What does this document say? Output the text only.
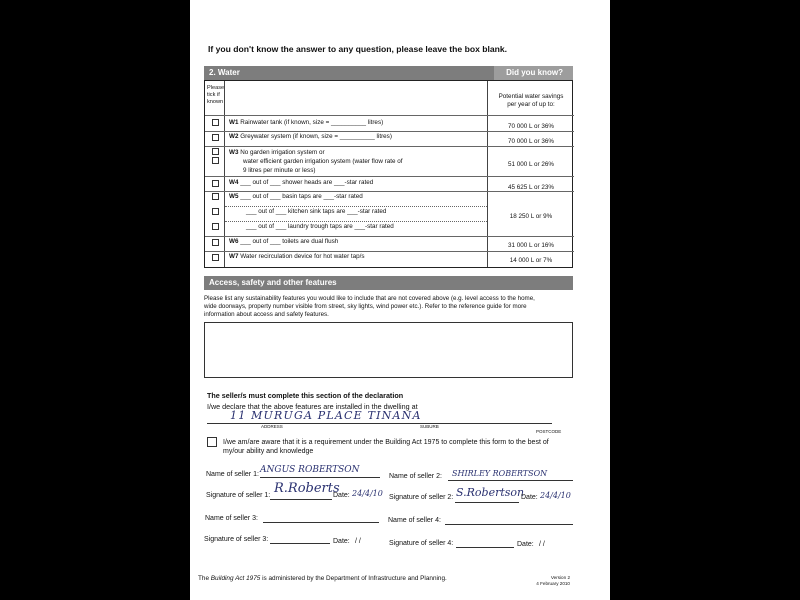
If you don't know the answer to any question, please leave the box blank.
2. Water	Did you know?
Please
tick if
known
Potential water savings
per year of up to:
W1 Rainwater tank (if known, size = __________ litres)
70 000 L or 36%
W2 Greywater system (if known, size = __________ litres)
70 000 L or 36%
W3 No garden irrigation system or
water efficient garden irrigation system (water flow rate of
9 litres per minute or less)
51 000 L or 26%
W4 ___ out of ___ shower heads are ___-star rated
45 625 L or 23%
W5 ___ out of ___ basin taps are ___-star rated
___ out of ___ kitchen sink taps are ___-star rated
___ out of ___ laundry trough taps are ___-star rated
18 250 L or 9%
W6 ___ out of ___ toilets are dual flush
31 000 L or 16%
W7 Water recirculation device for hot water tap/s
14 000 L or 7%
Access, safety and other features
Please list any sustainability features you would like to include that are not covered above (e.g. level access to the home,
wide doorways, property number visible from street, sky lights, wind power etc.). Refer to the reference guide for more
information about access and safety features.
The seller/s must complete this section of the declaration
I/we declare that the above features are installed in the dwelling at
11 MURUGA PLACE TINANA
ADDRESS	SUBURB
POSTCODE
I/we am/are aware that it is a requirement under the Building Act 1975 to complete this form to the best of
my/our ability and knowledge
Name of seller 1: ANGUS ROBERTSON
Name of seller 2: SHIRLEY ROBERTSON
Signature of seller 1: R.Roberts
Date: 24/4/10 Signature of seller 2: S.Robertson
Date: 24/4/10
Name of seller 3:	Name of seller 4:
Signature of seller 3:	Date: / /	Signature of seller 4:	Date: / /
The Building Act 1975 is administered by the Department of Infrastructure and Planning.	Version 2
4 February 2010
